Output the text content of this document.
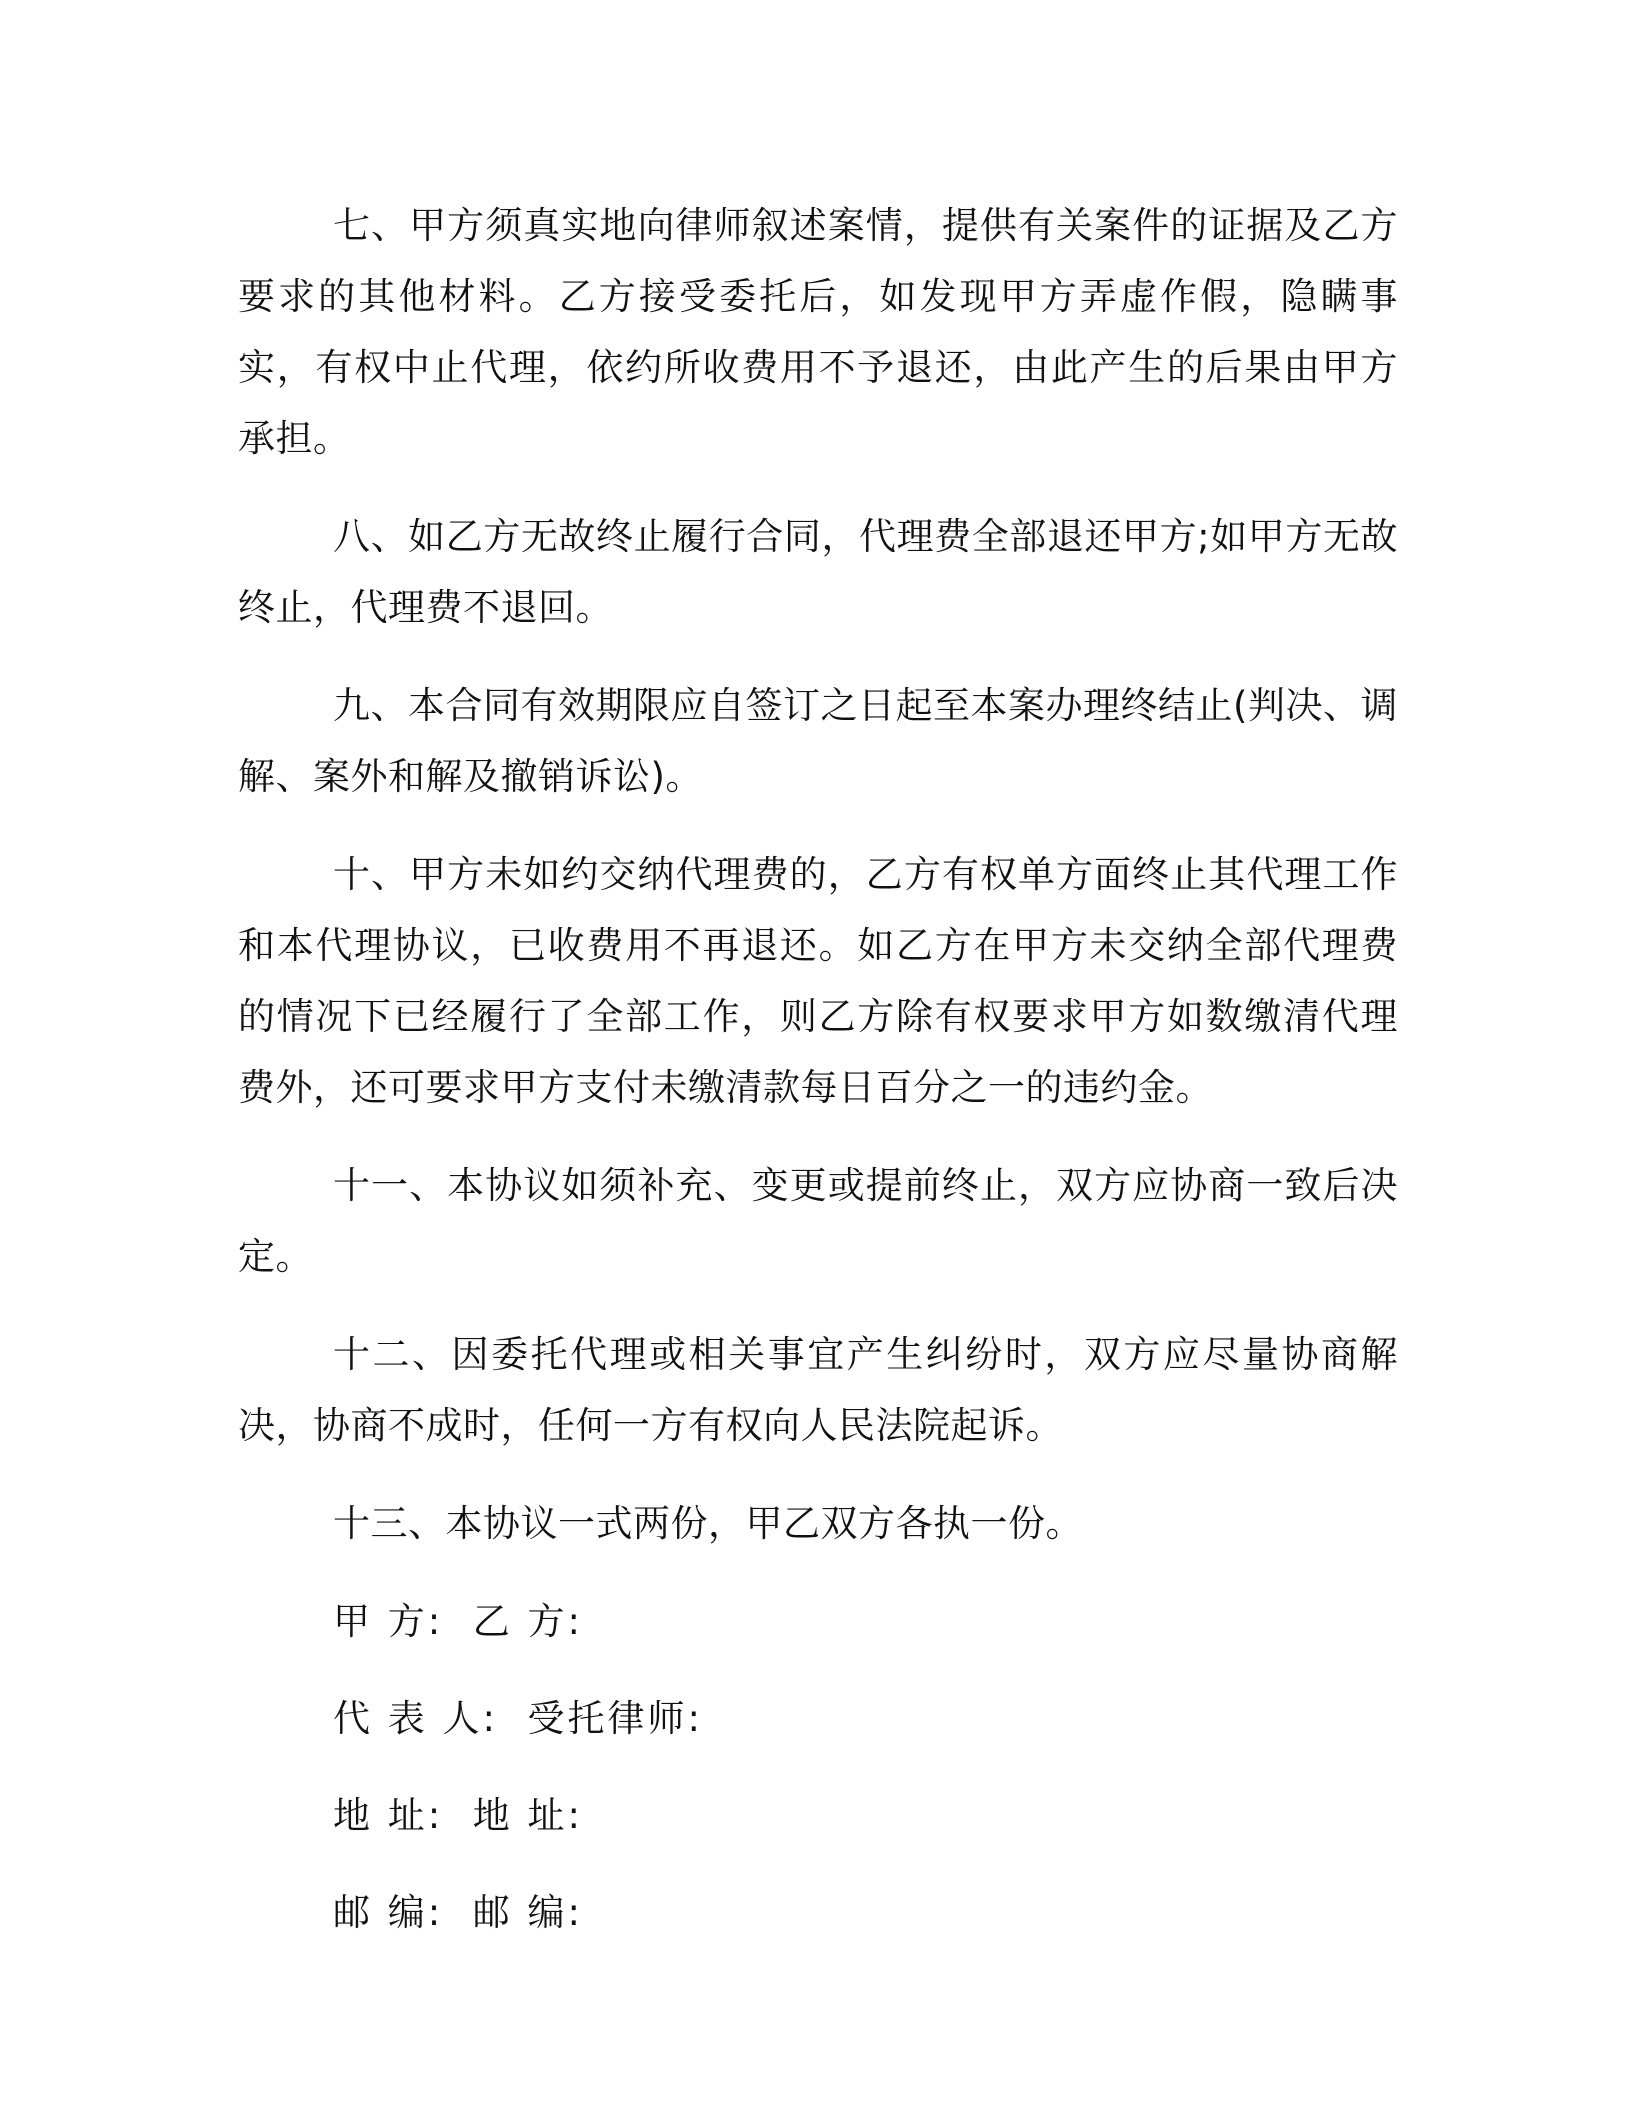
七、甲方须真实地向律师叙述案情，提供有关案件的证据及乙方要求的其他材料。乙方接受委托后，如发现甲方弄虚作假，隐瞒事实，有权中止代理，依约所收费用不予退还，由此产生的后果由甲方承担。

八、如乙方无故终止履行合同，代理费全部退还甲方;如甲方无故终止，代理费不退回。

九、本合同有效期限应自签订之日起至本案办理终结止(判决、调解、案外和解及撤销诉讼)。

十、甲方未如约交纳代理费的，乙方有权单方面终止其代理工作和本代理协议，已收费用不再退还。如乙方在甲方未交纳全部代理费的情况下已经履行了全部工作，则乙方除有权要求甲方如数缴清代理费外，还可要求甲方支付未缴清款每日百分之一的违约金。

十一、本协议如须补充、变更或提前终止，双方应协商一致后决定。

十二、因委托代理或相关事宜产生纠纷时，双方应尽量协商解决，协商不成时，任何一方有权向人民法院起诉。

十三、本协议一式两份，甲乙双方各执一份。

甲 方:  乙 方:
代 表 人:  受托律师:
地 址:  地 址:
邮 编:  邮 编:
